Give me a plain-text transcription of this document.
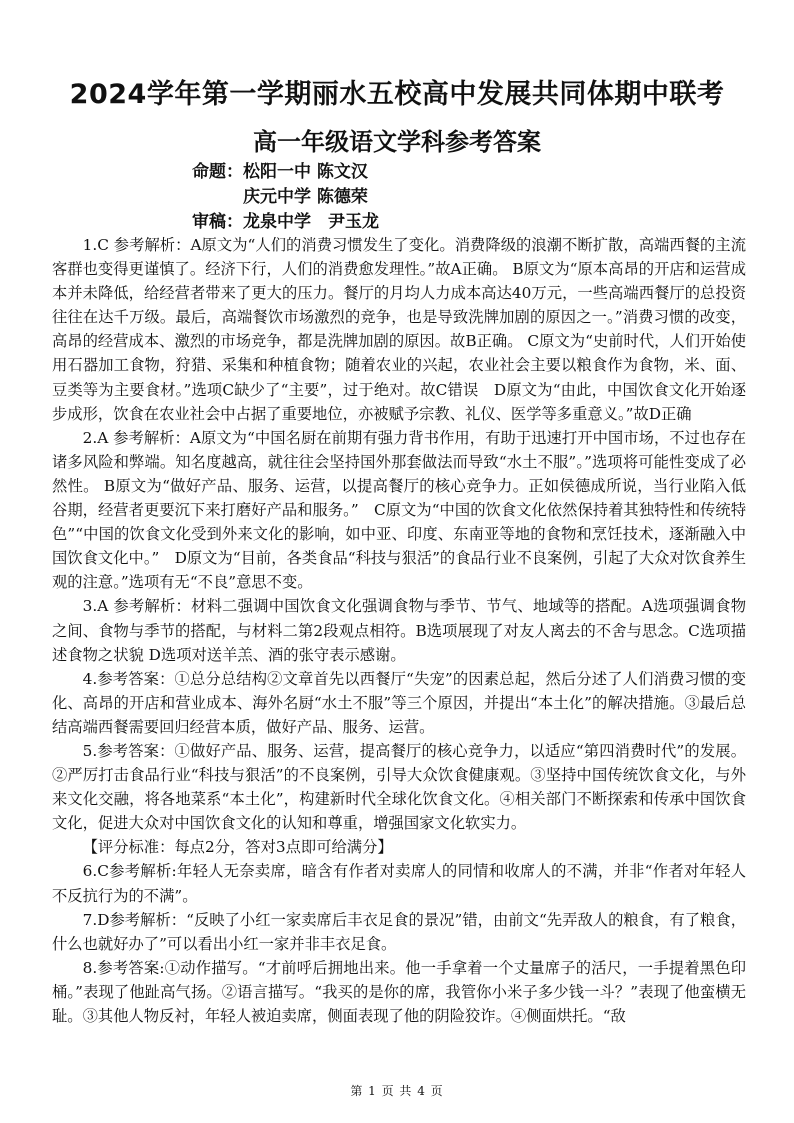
2024学年第一学期丽水五校高中发展共同体期中联考
高一年级语文学科参考答案
命题：松阳一中 陈文汉
庆元中学 陈德荣
审稿：龙泉中学　尹玉龙

1.C 参考解析：A原文为“人们的消费习惯发生了变化。消费降级的浪潮不断扩散，高端西餐的主流客群也变得更谨慎了。经济下行，人们的消费愈发理性。”故A正确。 B原文为“原本高昂的开店和运营成本并未降低，给经营者带来了更大的压力。餐厅的月均人力成本高达40万元，一些高端西餐厅的总投资往往在达千万级。最后，高端餐饮市场激烈的竞争，也是导致洗牌加剧的原因之一。”消费习惯的改变，高昂的经营成本、激烈的市场竞争，都是洗牌加剧的原因。故B正确。 C原文为“史前时代，人们开始使用石器加工食物，狩猎、采集和种植食物；随着农业的兴起，农业社会主要以粮食作为食物，米、面、豆类等为主要食材。”选项C缺少了“主要”，过于绝对。故C错误　D原文为“由此，中国饮食文化开始逐步成形，饮食在农业社会中占据了重要地位，亦被赋予宗教、礼仪、医学等多重意义。”故D正确

2.A 参考解析：A原文为“中国名厨在前期有强力背书作用，有助于迅速打开中国市场，不过也存在诸多风险和弊端。知名度越高，就往往会坚持国外那套做法而导致“水土不服”。”选项将可能性变成了必然性。 B原文为“做好产品、服务、运营，以提高餐厅的核心竞争力。正如侯德成所说，当行业陷入低谷期，经营者更要沉下来打磨好产品和服务。”　C原文为“中国的饮食文化依然保持着其独特性和传统特色”“中国的饮食文化受到外来文化的影响，如中亚、印度、东南亚等地的食物和烹饪技术，逐渐融入中国饮食文化中。”　D原文为“目前，各类食品“科技与狠活”的食品行业不良案例，引起了大众对饮食养生观的注意。”选项有无“不良”意思不变。

3.A 参考解析：材料二强调中国饮食文化强调食物与季节、节气、地域等的搭配。A选项强调食物之间、食物与季节的搭配，与材料二第2段观点相符。B选项展现了对友人离去的不舍与思念。C选项描述食物之状貌 D选项对送羊羔、酒的张守表示感谢。

4.参考答案：①总分总结构②文章首先以西餐厅“失宠”的因素总起，然后分述了人们消费习惯的变化、高昂的开店和营业成本、海外名厨“水土不服”等三个原因，并提出“本土化”的解决措施。③最后总结高端西餐需要回归经营本质，做好产品、服务、运营。

5.参考答案：①做好产品、服务、运营，提高餐厅的核心竞争力，以适应“第四消费时代”的发展。②严厉打击食品行业“科技与狠活”的不良案例，引导大众饮食健康观。③坚持中国传统饮食文化，与外来文化交融，将各地菜系“本土化”，构建新时代全球化饮食文化。④相关部门不断探索和传承中国饮食文化，促进大众对中国饮食文化的认知和尊重，增强国家文化软实力。

【评分标准：每点2分，答对3点即可给满分】

6.C参考解析:年轻人无奈卖席，暗含有作者对卖席人的同情和收席人的不满，并非“作者对年轻人不反抗行为的不满”。

7.D参考解析：“反映了小红一家卖席后丰衣足食的景况”错，由前文“先弄敌人的粮食，有了粮食，什么也就好办了”可以看出小红一家并非丰衣足食。

8.参考答案:①动作描写。“才前呼后拥地出来。他一手拿着一个丈量席子的活尺，一手提着黑色印桶。”表现了他趾高气扬。②语言描写。“我买的是你的席，我管你小米子多少钱一斗？”表现了他蛮横无耻。③其他人物反衬，年轻人被迫卖席，侧面表现了他的阴险狡诈。④侧面烘托。“敌

第 1 页 共 4 页
